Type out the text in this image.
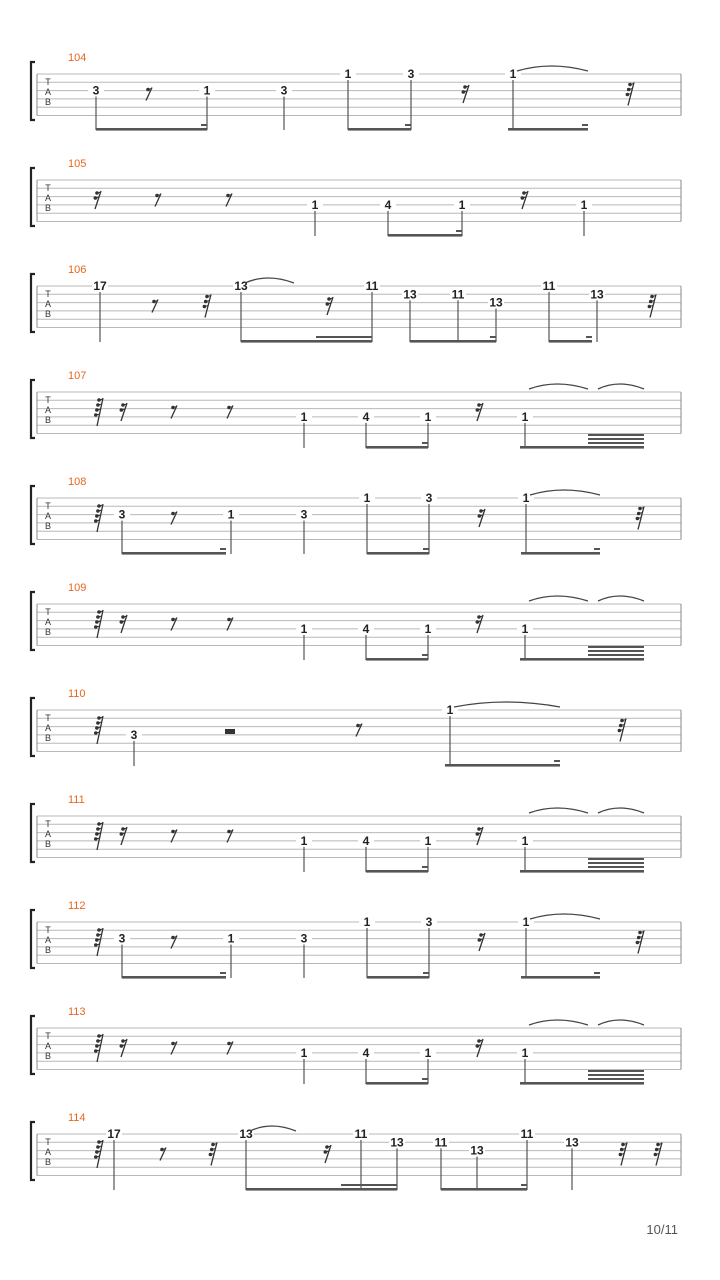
T
A
B
3	1	3
1	3	1
T
A
B	1	4	1	1
T
A
B
17	13	11
13	11
13
11
13
T
A
B	1	4	1	1
T
A
B
3	1	3
1	3	1
T
A
B	1	4	1	1
T
A
B	3
1
T
A
B	1	4	1	1
T
A
B
3	1	3
1	3	1
T
A
B	1	4	1	1
T
A
B
17	13	11
13	11
13
11
13
104
105
106
107
108
109
110
111
112
113
114
10/11
